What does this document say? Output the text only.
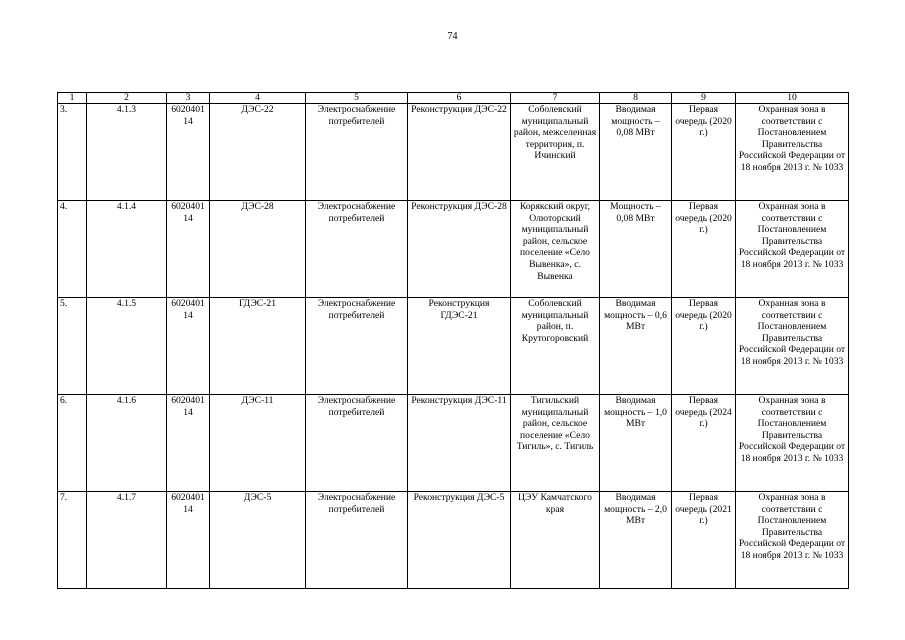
74
1	2	3	4	5	6	7	8	9	10
3.	4.1.3	6020401 14	ДЭС-22	Электроснабжение потребителей	Реконструкция ДЭС-22	Соболевский муниципальный район, межселенная территория, п. Ичинский	Вводимая мощность – 0,08 МВт	Первая очередь (2020 г.)	Охранная зона в соответствии с Постановлением Правительства Российской Федерации от 18 ноября 2013 г. № 1033
4.	4.1.4	6020401 14	ДЭС-28	Электроснабжение потребителей	Реконструкция ДЭС-28	Корякский округ, Олюторский муниципальный район, сельское поселение «Село Вывенка», с. Вывенка	Мощность – 0,08 МВт	Первая очередь (2020 г.)	Охранная зона в соответствии с Постановлением Правительства Российской Федерации от 18 ноября 2013 г. № 1033
5.	4.1.5	6020401 14	ГДЭС-21	Электроснабжение потребителей	Реконструкция ГДЭС-21	Соболевский муниципальный район, п. Крутогоровский	Вводимая мощность – 0,6 МВт	Первая очередь (2020 г.)	Охранная зона в соответствии с Постановлением Правительства Российской Федерации от 18 ноября 2013 г. № 1033
6.	4.1.6	6020401 14	ДЭС-11	Электроснабжение потребителей	Реконструкция ДЭС-11	Тигильский муниципальный район, сельское поселение «Село Тигиль», с. Тигиль	Вводимая мощность – 1,0 МВт	Первая очередь (2024 г.)	Охранная зона в соответствии с Постановлением Правительства Российской Федерации от 18 ноября 2013 г. № 1033
7.	4.1.7	6020401 14	ДЭС-5	Электроснабжение потребителей	Реконструкция ДЭС-5	ЦЭУ Камчатского края	Вводимая мощность – 2,0 МВт	Первая очередь (2021 г.)	Охранная зона в соответствии с Постановлением Правительства Российской Федерации от 18 ноября 2013 г. № 1033
